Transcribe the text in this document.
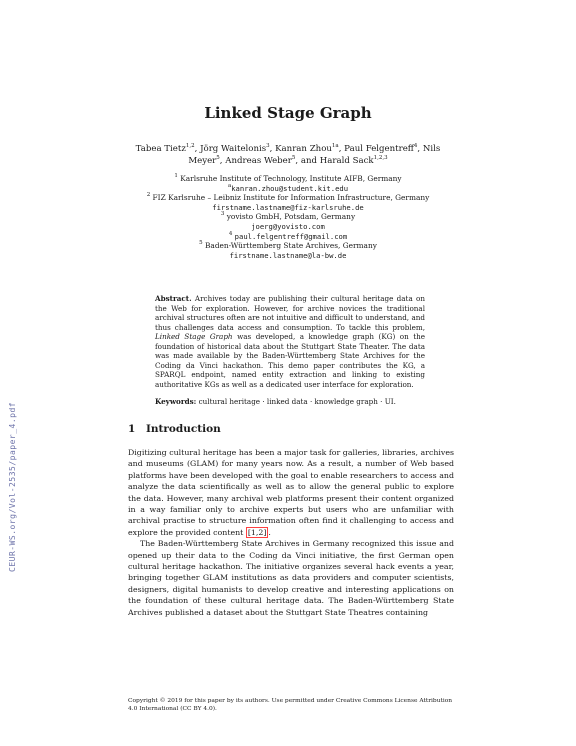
CEUR-WS.org/Vol-2535/paper_4.pdf
Linked Stage Graph
Tabea Tietz$^{1,2}$, Jörg Waitelonis$^3$, Kanran Zhou$^{1a}$, Paul Felgentreff$^4$, Nils Meyer$^5$, Andreas Weber$^5$, and Harald Sack$^{1,2,3}$
$^1$ Karlsruhe Institute of Technology, Institute AIFB, Germany
$^a$kanran.zhou@student.kit.edu
$^2$ FIZ Karlsruhe – Leibniz Institute for Information Infrastructure, Germany
firstname.lastname@fiz-karlsruhe.de
$^3$ yovisto GmbH, Potsdam, Germany
joerg@yovisto.com
$^4$ paul.felgentreff@gmail.com
$^5$ Baden-Württemberg State Archives, Germany
firstname.lastname@la-bw.de
Abstract. Archives today are publishing their cultural heritage data on the Web for exploration. However, for archive novices the traditional archival structures often are not intuitive and difficult to understand, and thus challenges data access and consumption. To tackle this problem, Linked Stage Graph was developed, a knowledge graph (KG) on the foundation of historical data about the Stuttgart State Theater. The data was made available by the Baden-Württemberg State Archives for the Coding da Vinci hackathon. This demo paper contributes the KG, a SPARQL endpoint, named entity extraction and linking to existing authoritative KGs as well as a dedicated user interface for exploration.
Keywords: cultural heritage · linked data · knowledge graph · UI.
1 Introduction

Digitizing cultural heritage has been a major task for galleries, libraries, archives and museums (GLAM) for many years now. As a result, a number of Web based platforms have been developed with the goal to enable researchers to access and analyze the data scientifically as well as to allow the general public to explore the data. However, many archival web platforms present their content organized in a way familiar only to archive experts but users who are unfamiliar with archival practise to structure information often find it challenging to access and explore the provided content [1,2] .

The Baden-Württemberg State Archives in Germany recognized this issue and opened up their data to the Coding da Vinci initiative, the first German open cultural heritage hackathon. The initiative organizes several hack events a year, bringing together GLAM institutions as data providers and computer scientists, designers, digital humanists to develop creative and interesting applications on the foundation of these cultural heritage data. The Baden-Württemberg State Archives published a dataset about the Stuttgart State Theatres containing

Copyright © 2019 for this paper by its authors. Use permitted under Creative Commons License Attribution 4.0 International (CC BY 4.0).
